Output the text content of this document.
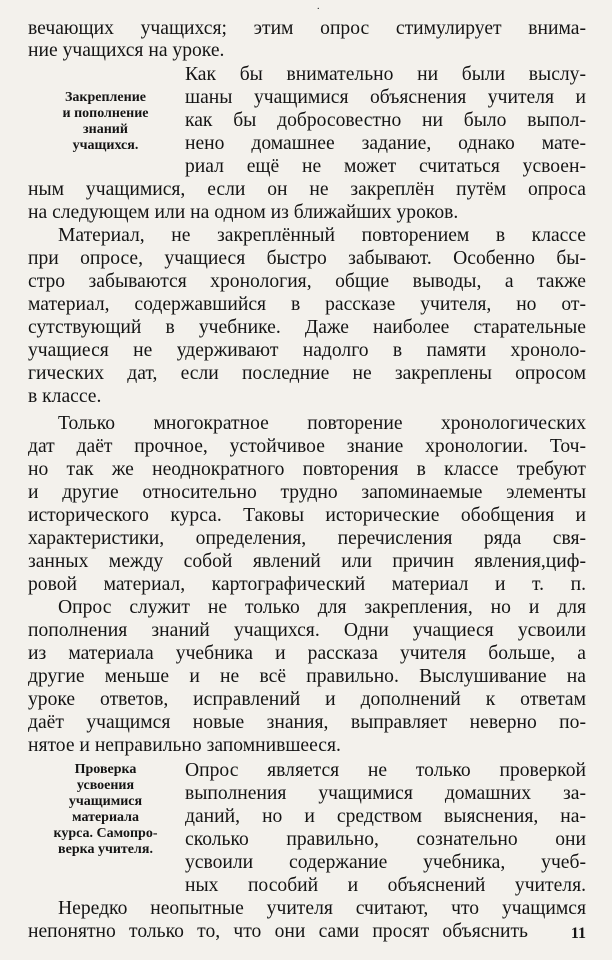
.
вечающих учащихся; этим опрос стимулирует внима-
ние учащихся на уроке.
Закрепление
и пополнение
знаний
учащихся.
Как бы внимательно ни были выслу-
шаны учащимися объяснения учителя и
как бы добросовестно ни было выпол-
нено домашнее задание, однако мате-
риал ещё не может считаться усвоен-
ным учащимися, если он не закреплён путём опроса
на следующем или на одном из ближайших уроков.
Материал, не закреплённый повторением в классе
при опросе, учащиеся быстро забывают. Особенно бы-
стро забываются хронология, общие выводы, а также
материал, содержавшийся в рассказе учителя, но от-
сутствующий в учебнике. Даже наиболее старательные
учащиеся не удерживают надолго в памяти хроноло-
гических дат, если последние не закреплены опросом
в классе.
Только многократное повторение хронологических
дат даёт прочное, устойчивое знание хронологии. Точ-
но так же неоднократного повторения в классе требуют
и другие относительно трудно запоминаемые элементы
исторического курса. Таковы исторические обобщения и
характеристики, определения, перечисления ряда свя-
занных между собой явлений или причин явления,циф-
ровой материал, картографический материал и т. п.
Опрос служит не только для закрепления, но и для
пополнения знаний учащихся. Одни учащиеся усвоили
из материала учебника и рассказа учителя больше, а
другие меньше и не всё правильно. Выслушивание на
уроке ответов, исправлений и дополнений к ответам
даёт учащимся новые знания, выправляет неверно по-
нятое и неправильно запомнившееся.
Проверка
усвоения
учащимися
материала
курса. Самопро-
верка учителя.
Опрос является не только проверкой
выполнения учащимися домашних за-
даний, но и средством выяснения, на-
сколько правильно, сознательно они
усвоили содержание учебника, учеб-
ных пособий и объяснений учителя.
Нередко неопытные учителя считают, что учащимся
непонятно только то, что они сами просят объяснить	11
